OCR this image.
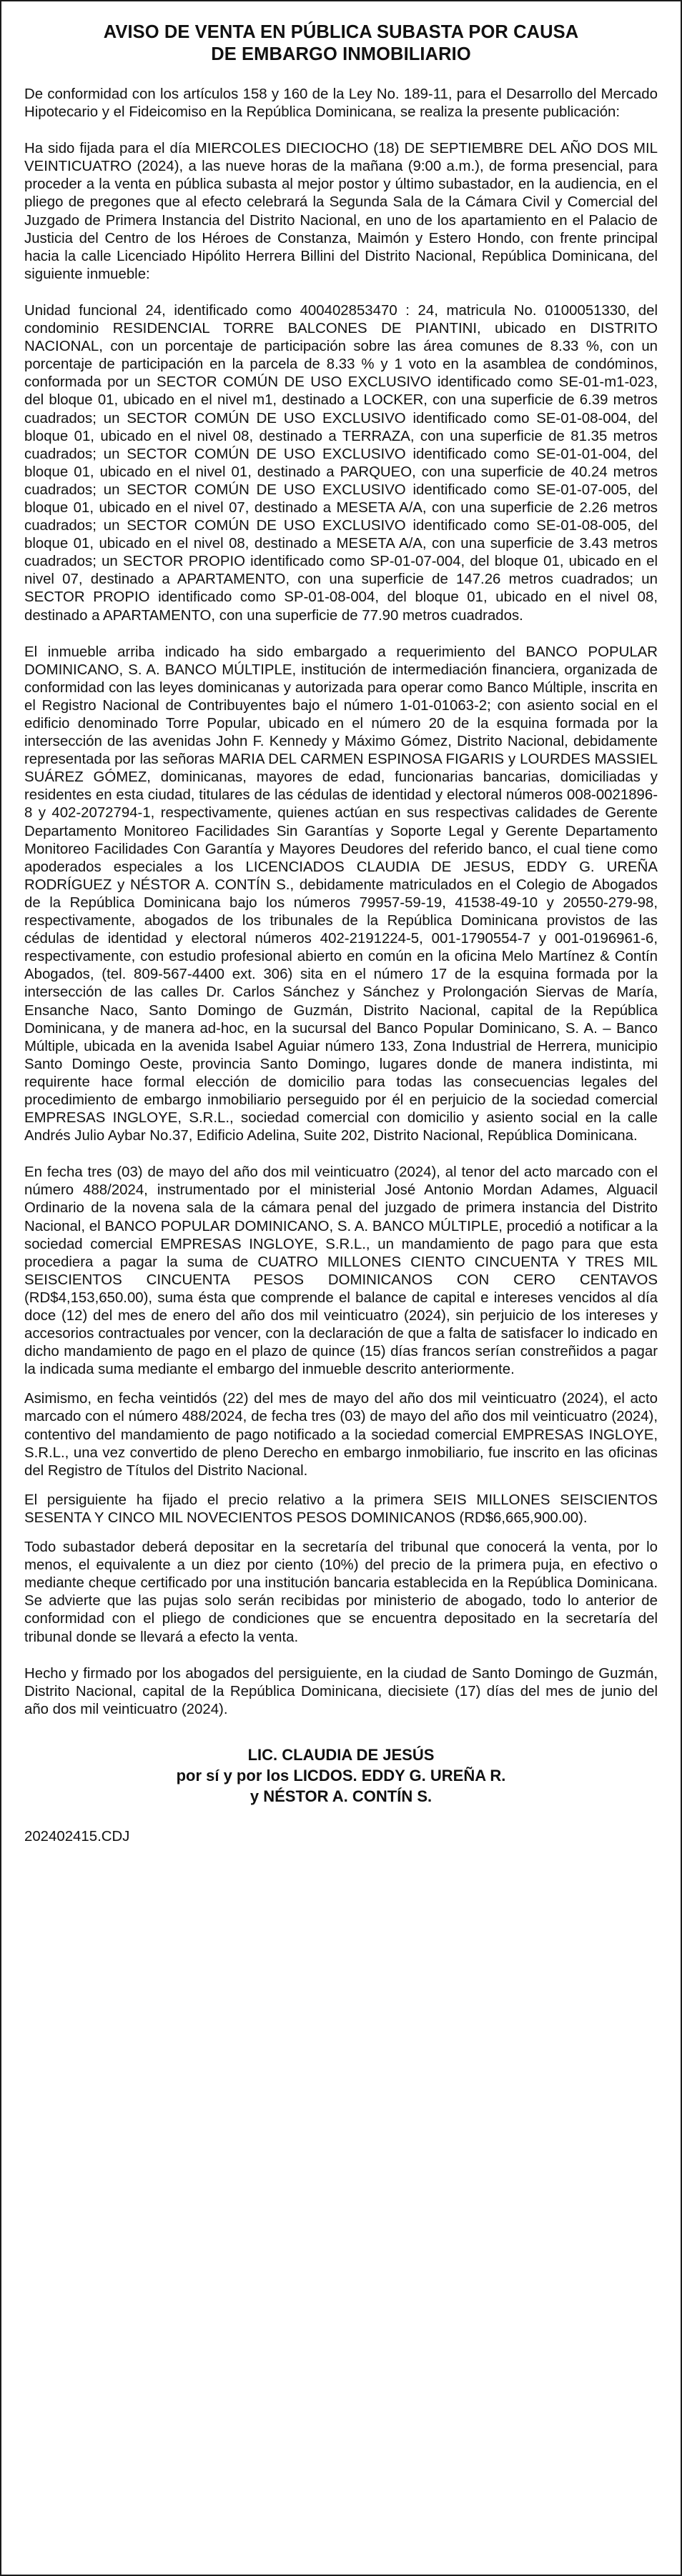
AVISO DE VENTA EN PÚBLICA SUBASTA POR CAUSA
DE EMBARGO INMOBILIARIO

De conformidad con los artículos 158 y 160 de la Ley No. 189-11, para el Desarrollo del Mercado Hipotecario y el Fideicomiso en la República Dominicana, se realiza la presente publicación:

Ha sido fijada para el día MIERCOLES DIECIOCHO (18) DE SEPTIEMBRE DEL AÑO DOS MIL VEINTICUATRO (2024), a las nueve horas de la mañana (9:00 a.m.), de forma presencial, para proceder a la venta en pública subasta al mejor postor y último subastador, en la audiencia, en el pliego de pregones que al efecto celebrará la Segunda Sala de la Cámara Civil y Comercial del Juzgado de Primera Instancia del Distrito Nacional, en uno de los apartamiento en el Palacio de Justicia del Centro de los Héroes de Constanza, Maimón y Estero Hondo, con frente principal hacia la calle Licenciado Hipólito Herrera Billini del Distrito Nacional, República Dominicana, del siguiente inmueble:

Unidad funcional 24, identificado como 400402853470 : 24, matricula No. 0100051330, del condominio RESIDENCIAL TORRE BALCONES DE PIANTINI, ubicado en DISTRITO NACIONAL, con un porcentaje de participación sobre las área comunes de 8.33 %, con un porcentaje de participación en la parcela de 8.33 % y 1 voto en la asamblea de condóminos, conformada por un SECTOR COMÚN DE USO EXCLUSIVO identificado como SE-01-m1-023, del bloque 01, ubicado en el nivel m1, destinado a LOCKER, con una superficie de 6.39 metros cuadrados; un SECTOR COMÚN DE USO EXCLUSIVO identificado como SE-01-08-004, del bloque 01, ubicado en el nivel 08, destinado a TERRAZA, con una superficie de 81.35 metros cuadrados; un SECTOR COMÚN DE USO EXCLUSIVO identificado como SE-01-01-004, del bloque 01, ubicado en el nivel 01, destinado a PARQUEO, con una superficie de 40.24 metros cuadrados; un SECTOR COMÚN DE USO EXCLUSIVO identificado como SE-01-07-005, del bloque 01, ubicado en el nivel 07, destinado a MESETA A/A, con una superficie de 2.26 metros cuadrados; un SECTOR COMÚN DE USO EXCLUSIVO identificado como SE-01-08-005, del bloque 01, ubicado en el nivel 08, destinado a MESETA A/A, con una superficie de 3.43 metros cuadrados; un SECTOR PROPIO identificado como SP-01-07-004, del bloque 01, ubicado en el nivel 07, destinado a APARTAMENTO, con una superficie de 147.26 metros cuadrados; un SECTOR PROPIO identificado como SP-01-08-004, del bloque 01, ubicado en el nivel 08, destinado a APARTAMENTO, con una superficie de 77.90 metros cuadrados.

El inmueble arriba indicado ha sido embargado a requerimiento del BANCO POPULAR DOMINICANO, S. A. BANCO MÚLTIPLE, institución de intermediación financiera, organizada de conformidad con las leyes dominicanas y autorizada para operar como Banco Múltiple, inscrita en el Registro Nacional de Contribuyentes bajo el número 1-01-01063-2; con asiento social en el edificio denominado Torre Popular, ubicado en el número 20 de la esquina formada por la intersección de las avenidas John F. Kennedy y Máximo Gómez, Distrito Nacional, debidamente representada por las señoras MARIA DEL CARMEN ESPINOSA FIGARIS y LOURDES MASSIEL SUÁREZ GÓMEZ, dominicanas, mayores de edad, funcionarias bancarias, domiciliadas y residentes en esta ciudad, titulares de las cédulas de identidad y electoral números 008-0021896-8 y 402-2072794-1, respectivamente, quienes actúan en sus respectivas calidades de Gerente Departamento Monitoreo Facilidades Sin Garantías y Soporte Legal y Gerente Departamento Monitoreo Facilidades Con Garantía y Mayores Deudores del referido banco, el cual tiene como apoderados especiales a los LICENCIADOS CLAUDIA DE JESUS, EDDY G. UREÑA RODRÍGUEZ y NÉSTOR A. CONTÍN S., debidamente matriculados en el Colegio de Abogados de la República Dominicana bajo los números 79957-59-19, 41538-49-10 y 20550-279-98, respectivamente, abogados de los tribunales de la República Dominicana provistos de las cédulas de identidad y electoral números 402-2191224-5, 001-1790554-7 y 001-0196961-6, respectivamente, con estudio profesional abierto en común en la oficina Melo Martínez & Contín Abogados, (tel. 809-567-4400 ext. 306) sita en el número 17 de la esquina formada por la intersección de las calles Dr. Carlos Sánchez y Sánchez y Prolongación Siervas de María, Ensanche Naco, Santo Domingo de Guzmán, Distrito Nacional, capital de la República Dominicana, y de manera ad-hoc, en la sucursal del Banco Popular Dominicano, S. A. – Banco Múltiple, ubicada en la avenida Isabel Aguiar número 133, Zona Industrial de Herrera, municipio Santo Domingo Oeste, provincia Santo Domingo, lugares donde de manera indistinta, mi requirente hace formal elección de domicilio para todas las consecuencias legales del procedimiento de embargo inmobiliario perseguido por él en perjuicio de la sociedad comercial EMPRESAS INGLOYE, S.R.L., sociedad comercial con domicilio y asiento social en la calle Andrés Julio Aybar No.37, Edificio Adelina, Suite 202, Distrito Nacional, República Dominicana.

En fecha tres (03) de mayo del año dos mil veinticuatro (2024), al tenor del acto marcado con el número 488/2024, instrumentado por el ministerial José Antonio Mordan Adames, Alguacil Ordinario de la novena sala de la cámara penal del juzgado de primera instancia del Distrito Nacional, el BANCO POPULAR DOMINICANO, S. A. BANCO MÚLTIPLE, procedió a notificar a la sociedad comercial EMPRESAS INGLOYE, S.R.L., un mandamiento de pago para que esta procediera a pagar la suma de CUATRO MILLONES CIENTO CINCUENTA Y TRES MIL SEISCIENTOS CINCUENTA PESOS DOMINICANOS CON CERO CENTAVOS (RD$4,153,650.00), suma ésta que comprende el balance de capital e intereses vencidos al día doce (12) del mes de enero del año dos mil veinticuatro (2024), sin perjuicio de los intereses y accesorios contractuales por vencer, con la declaración de que a falta de satisfacer lo indicado en dicho mandamiento de pago en el plazo de quince (15) días francos serían constreñidos a pagar la indicada suma mediante el embargo del inmueble descrito anteriormente.

Asimismo, en fecha veintidós (22) del mes de mayo del año dos mil veinticuatro (2024), el acto marcado con el número 488/2024, de fecha tres (03) de mayo del año dos mil veinticuatro (2024), contentivo del mandamiento de pago notificado a la sociedad comercial EMPRESAS INGLOYE, S.R.L., una vez convertido de pleno Derecho en embargo inmobiliario, fue inscrito en las oficinas del Registro de Títulos del Distrito Nacional.

El persiguiente ha fijado el precio relativo a la primera SEIS MILLONES SEISCIENTOS SESENTA Y CINCO MIL NOVECIENTOS PESOS DOMINICANOS (RD$6,665,900.00).

Todo subastador deberá depositar en la secretaría del tribunal que conocerá la venta, por lo menos, el equivalente a un diez por ciento (10%) del precio de la primera puja, en efectivo o mediante cheque certificado por una institución bancaria establecida en la República Dominicana. Se advierte que las pujas solo serán recibidas por ministerio de abogado, todo lo anterior de conformidad con el pliego de condiciones que se encuentra depositado en la secretaría del tribunal donde se llevará a efecto la venta.

Hecho y firmado por los abogados del persiguiente, en la ciudad de Santo Domingo de Guzmán, Distrito Nacional, capital de la República Dominicana, diecisiete (17) días del mes de junio del año dos mil veinticuatro (2024).

LIC. CLAUDIA DE JESÚS
por sí y por los LICDOS. EDDY G. UREÑA R.
y NÉSTOR A. CONTÍN S.

202402415.CDJ
